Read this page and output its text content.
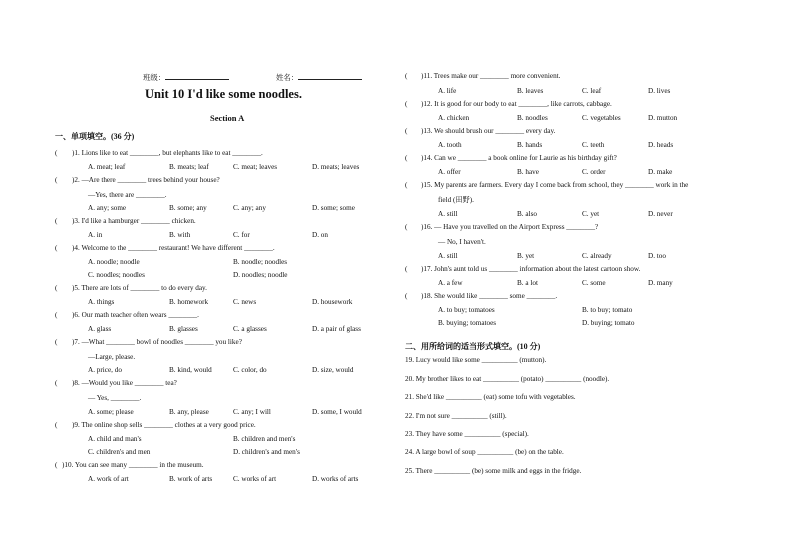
班级：	姓名：
Unit 10 I'd like some noodles.
Section A
一、单项填空。(36 分)
( )1. Lions like to eat ________, but elephants like to eat ________.
A. meat; leaf	B. meats; leaf	C. meat; leaves	D. meats; leaves
( )2. —Are there ________ trees behind your house?
—Yes, there are ________.
A. any; some	B. some; any	C. any; any	D. some; some
( )3. I'd like a hamburger ________ chicken.
A. in	B. with	C. for	D. on
( )4. Welcome to the ________ restaurant! We have different ________.
A. noodle; noodle	B. noodle; noodles
C. noodles; noodles	D. noodles; noodle
( )5. There are lots of ________ to do every day.
A. things	B. homework	C. news	D. housework
( )6. Our math teacher often wears ________.
A. glass	B. glasses	C. a glasses	D. a pair of glass
( )7. —What ________ bowl of noodles ________ you like?
—Large, please.
A. price, do	B. kind, would	C. color, do	D. size, would
( )8. —Would you like ________ tea?
— Yes, ________.
A. some; please	B. any, please	C. any; I will	D. some, I would
( )9. The online shop sells ________ clothes at a very good price.
A. child and man's	B. children and men's
C. children's and men	D. children's and men's
( )10. You can see many ________ in the museum.
A. work of art	B. work of arts	C. works of art	D. works of arts
( )11. Trees make our ________ more convenient.
A. life	B. leaves	C. leaf	D. lives
( )12. It is good for our body to eat ________, like carrots, cabbage.
A. chicken	B. noodles	C. vegetables	D. mutton
( )13. We should brush our ________ every day.
A. tooth	B. hands	C. teeth	D. heads
( )14. Can we ________ a book online for Laurie as his birthday gift?
A. offer	B. have	C. order	D. make
( )15. My parents are farmers. Every day I come back from school, they ________ work in the
field (田野).
A. still	B. also	C. yet	D. never
( )16. — Have you travelled on the Airport Express ________?
— No, I haven't.
A. still	B. yet	C. already	D. too
( )17. John's aunt told us ________ information about the latest cartoon show.
A. a few	B. a lot	C. some	D. many
( )18. She would like ________ some ________.
A. to buy; tomatoes	B. to buy; tomato
B. buying; tomatoes	D. buying; tomato
二、用所给词的适当形式填空。(10 分)
19. Lucy would like some __________ (mutton).
20. My brother likes to eat __________ (potato) __________ (noodle).
21. She'd like __________ (eat) some tofu with vegetables.
22. I'm not sure __________ (still).
23. They have some __________ (special).
24. A large bowl of soup __________ (be) on the table.
25. There __________ (be) some milk and eggs in the fridge.
